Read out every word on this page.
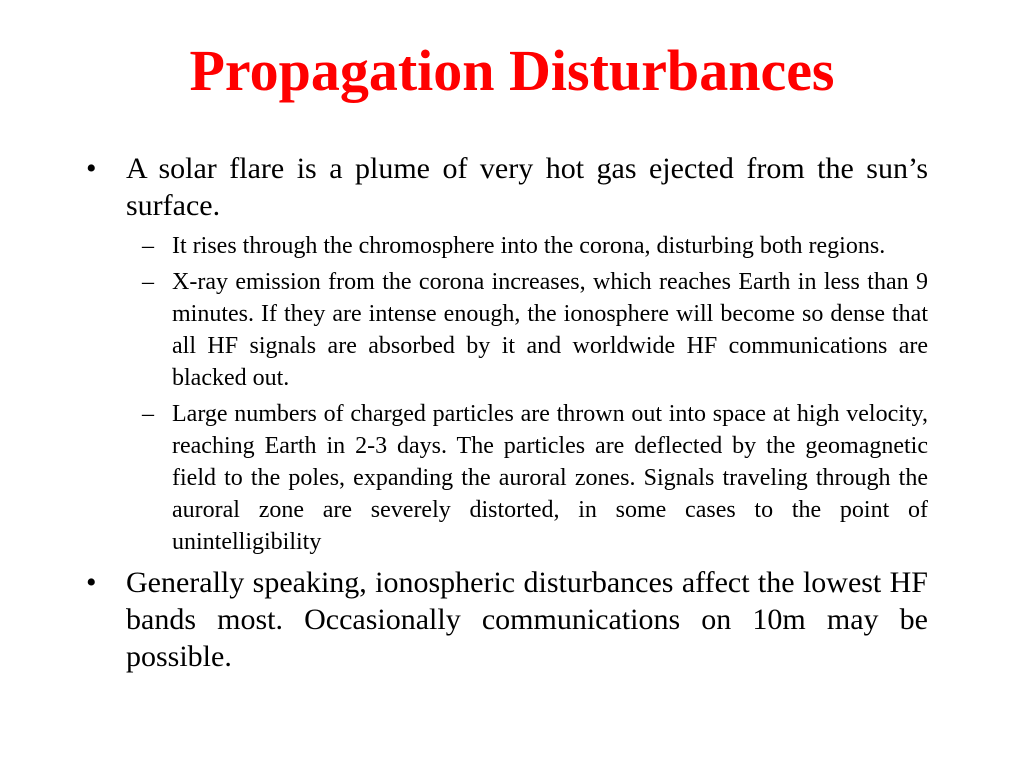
Propagation Disturbances
• A solar flare is a plume of very hot gas ejected from the sun’s surface.
– It rises through the chromosphere into the corona, disturbing both regions.
– X-ray emission from the corona increases, which reaches Earth in less than 9 minutes. If they are intense enough, the ionosphere will become so dense that all HF signals are absorbed by it and worldwide HF communications are blacked out.
– Large numbers of charged particles are thrown out into space at high velocity, reaching Earth in 2-3 days. The particles are deflected by the geomagnetic field to the poles, expanding the auroral zones. Signals traveling through the auroral zone are severely distorted, in some cases to the point of unintelligibility
• Generally speaking, ionospheric disturbances affect the lowest HF bands most. Occasionally communications on 10m may be possible.
